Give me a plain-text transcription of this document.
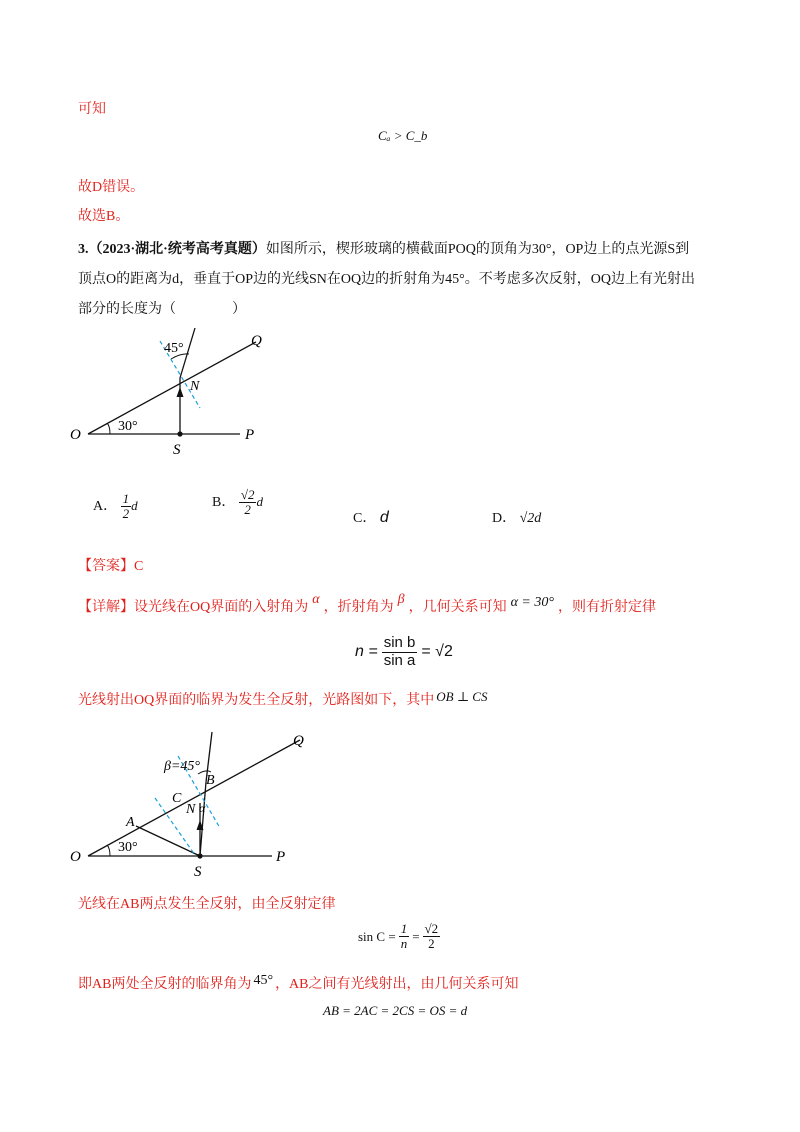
可知
Cₐ > C_b
故D错误。
故选B。
3.（2023·湖北·统考高考真题）如图所示，楔形玻璃的横截面POQ的顶角为30°，OP边上的点光源S到
顶点O的距离为d，垂直于OP边的光线SN在OQ边的折射角为45°。不考虑多次反射，OQ边上有光射出
部分的长度为（　　　　）
45°	Q
N
O
30°
S
P
A． $\frac{1}{2}$ d	B． $\frac{√2}{2}$ d
C． d	D． √2d
【答案】C
【详解】设光线在OQ界面的入射角为α，折射角为β，几何关系可知 α = 30° ，则有折射定律
$n = \frac{\text{sin b}}{\text{sin a}} = √2$
光线射出OQ界面的临界为发生全反射，光路图如下，其中 OB ⊥ CS
Q
β=45°
B
C
N α
A
O
30°
S
P
光线在AB两点发生全反射，由全反射定律
$\sin C = \frac{1}{n} = \frac{√2}{2}$
即AB两处全反射的临界角为 45° ，AB之间有光线射出，由几何关系可知
AB = 2AC = 2CS = OS = d
